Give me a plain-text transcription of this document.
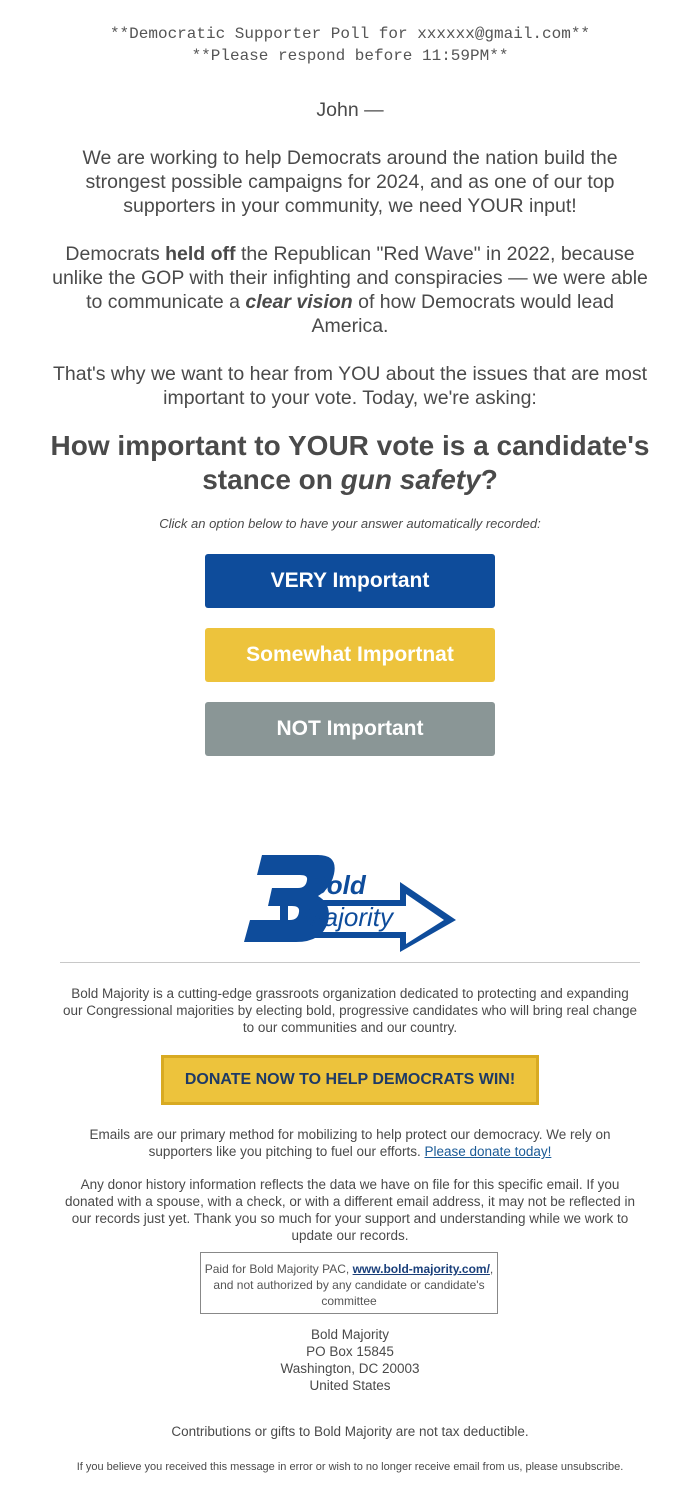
**Democratic Supporter Poll for xxxxxx@gmail.com**
**Please respond before 11:59PM**

John —

We are working to help Democrats around the nation build the strongest possible campaigns for 2024, and as one of our top supporters in your community, we need YOUR input!

Democrats held off the Republican "Red Wave" in 2022, because unlike the GOP with their infighting and conspiracies — we were able to communicate a clear vision of how Democrats would lead America.

That's why we want to hear from YOU about the issues that are most important to your vote. Today, we're asking:

How important to YOUR vote is a candidate's stance on gun safety?
Click an option below to have your answer automatically recorded:
VERY Important
Somewhat Importnat
NOT Important
Bold
Majority

Bold Majority is a cutting-edge grassroots organization dedicated to protecting and expanding our Congressional majorities by electing bold, progressive candidates who will bring real change to our communities and our country.

DONATE NOW TO HELP DEMOCRATS WIN!

Emails are our primary method for mobilizing to help protect our democracy. We rely on supporters like you pitching to fuel our efforts. Please donate today!

Any donor history information reflects the data we have on file for this specific email. If you donated with a spouse, with a check, or with a different email address, it may not be reflected in our records just yet. Thank you so much for your support and understanding while we work to update our records.

Paid for Bold Majority PAC, www.bold-majority.com/, and not authorized by any candidate or candidate's committee
Bold Majority
PO Box 15845
Washington, DC 20003
United States
Contributions or gifts to Bold Majority are not tax deductible.
If you believe you received this message in error or wish to no longer receive email from us, please unsubscribe.
